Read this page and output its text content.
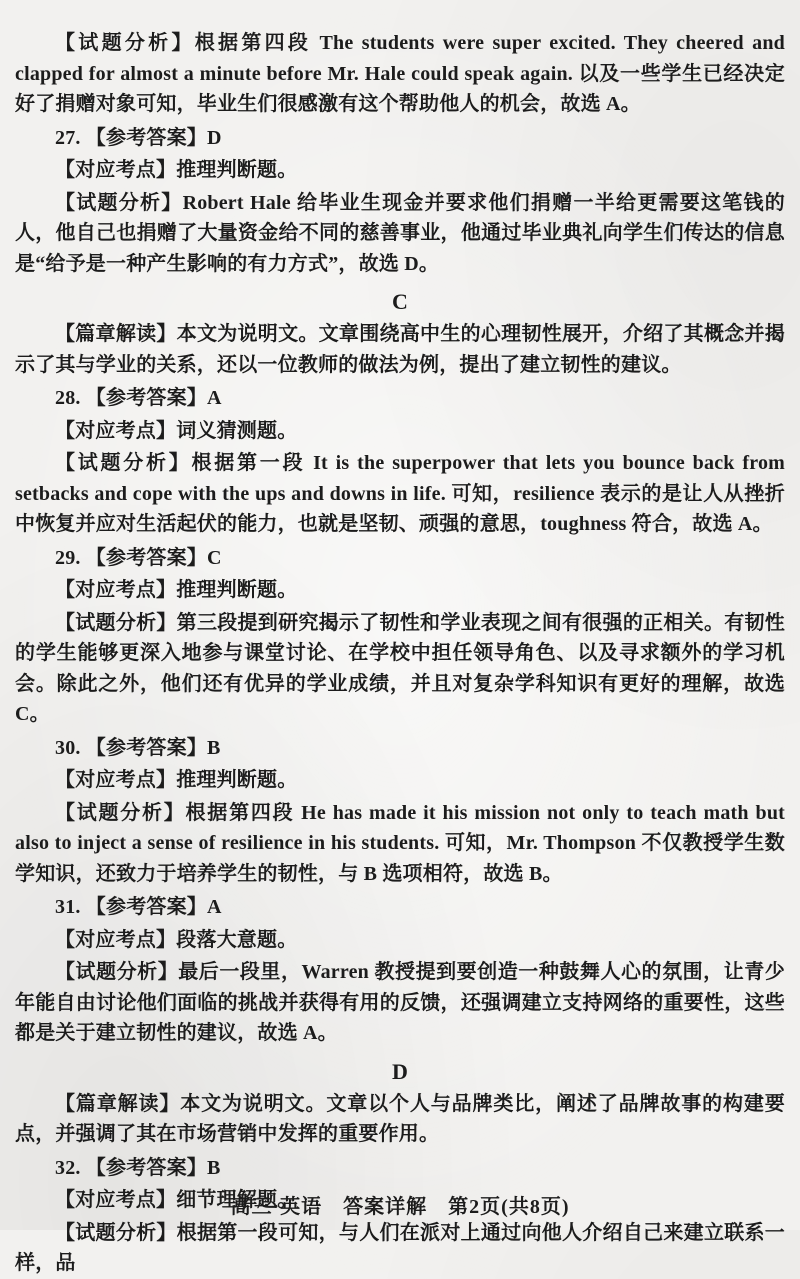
【试题分析】根据第四段 The students were super excited. They cheered and clapped for almost a minute before Mr. Hale could speak again. 以及一些学生已经决定好了捐赠对象可知，毕业生们很感激有这个帮助他人的机会，故选 A。
27. 【参考答案】D
【对应考点】推理判断题。
【试题分析】Robert Hale 给毕业生现金并要求他们捐赠一半给更需要这笔钱的人，他自己也捐赠了大量资金给不同的慈善事业，他通过毕业典礼向学生们传达的信息是“给予是一种产生影响的有力方式”，故选 D。
C
【篇章解读】本文为说明文。文章围绕高中生的心理韧性展开，介绍了其概念并揭示了其与学业的关系，还以一位教师的做法为例，提出了建立韧性的建议。
28. 【参考答案】A
【对应考点】词义猜测题。
【试题分析】根据第一段 It is the superpower that lets you bounce back from setbacks and cope with the ups and downs in life. 可知，resilience 表示的是让人从挫折中恢复并应对生活起伏的能力，也就是坚韧、顽强的意思，toughness 符合，故选 A。
29. 【参考答案】C
【对应考点】推理判断题。
【试题分析】第三段提到研究揭示了韧性和学业表现之间有很强的正相关。有韧性的学生能够更深入地参与课堂讨论、在学校中担任领导角色、以及寻求额外的学习机会。除此之外，他们还有优异的学业成绩，并且对复杂学科知识有更好的理解，故选 C。
30. 【参考答案】B
【对应考点】推理判断题。
【试题分析】根据第四段 He has made it his mission not only to teach math but also to inject a sense of resilience in his students. 可知，Mr. Thompson 不仅教授学生数学知识，还致力于培养学生的韧性，与 B 选项相符，故选 B。
31. 【参考答案】A
【对应考点】段落大意题。
【试题分析】最后一段里，Warren 教授提到要创造一种鼓舞人心的氛围，让青少年能自由讨论他们面临的挑战并获得有用的反馈，还强调建立支持网络的重要性，这些都是关于建立韧性的建议，故选 A。
D
【篇章解读】本文为说明文。文章以个人与品牌类比，阐述了品牌故事的构建要点，并强调了其在市场营销中发挥的重要作用。
32. 【参考答案】B
【对应考点】细节理解题。
【试题分析】根据第一段可知，与人们在派对上通过向他人介绍自己来建立联系一样，品
高三·英语　答案详解　第2页(共8页)
